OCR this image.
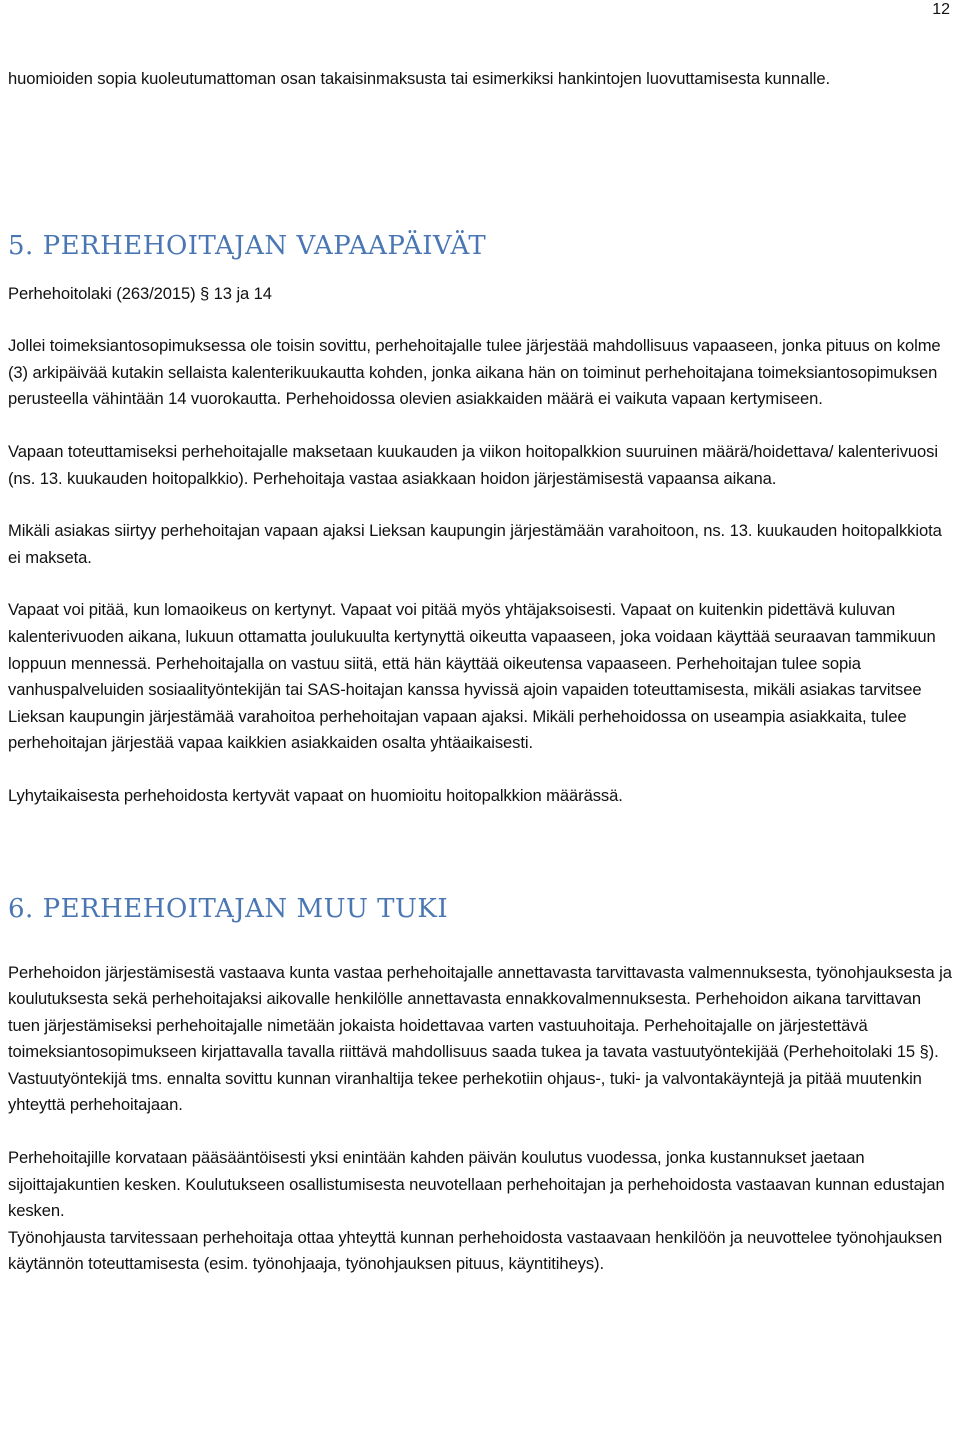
12

huomioiden sopia kuoleutumattoman osan takaisinmaksusta tai esimerkiksi hankintojen luovuttamisesta kunnalle.

5. PERHEHOITAJAN VAPAAPÄIVÄT

Perhehoitolaki (263/2015) § 13 ja 14

Jollei toimeksiantosopimuksessa ole toisin sovittu, perhehoitajalle tulee järjestää mahdollisuus vapaaseen, jonka pituus on kolme (3) arkipäivää kutakin sellaista kalenterikuukautta kohden, jonka aikana hän on toiminut perhehoitajana toimeksiantosopimuksen perusteella vähintään 14 vuorokautta. Perhehoidossa olevien asiakkaiden määrä ei vaikuta vapaan kertymiseen.

Vapaan toteuttamiseksi perhehoitajalle maksetaan kuukauden ja viikon hoitopalkkion suuruinen määrä/hoidettava/ kalenterivuosi (ns. 13. kuukauden hoitopalkkio). Perhehoitaja vastaa asiakkaan hoidon järjestämisestä vapaansa aikana.

Mikäli asiakas siirtyy perhehoitajan vapaan ajaksi Lieksan kaupungin järjestämään varahoitoon, ns. 13. kuukauden hoitopalkkiota ei makseta.

Vapaat voi pitää, kun lomaoikeus on kertynyt. Vapaat voi pitää myös yhtäjaksoisesti. Vapaat on kuitenkin pidettävä kuluvan kalenterivuoden aikana, lukuun ottamatta joulukuulta kertynyttä oikeutta vapaaseen, joka voidaan käyttää seuraavan tammikuun loppuun mennessä. Perhehoitajalla on vastuu siitä, että hän käyttää oikeutensa vapaaseen. Perhehoitajan tulee sopia vanhuspalveluiden sosiaalityöntekijän tai SAS-hoitajan kanssa hyvissä ajoin vapaiden toteuttamisesta, mikäli asiakas tarvitsee Lieksan kaupungin järjestämää varahoitoa perhehoitajan vapaan ajaksi. Mikäli perhehoidossa on useampia asiakkaita, tulee perhehoitajan järjestää vapaa kaikkien asiakkaiden osalta yhtäaikaisesti.

Lyhytaikaisesta perhehoidosta kertyvät vapaat on huomioitu hoitopalkkion määrässä.

6. PERHEHOITAJAN MUU TUKI

Perhehoidon järjestämisestä vastaava kunta vastaa perhehoitajalle annettavasta tarvittavasta valmennuksesta, työnohjauksesta ja koulutuksesta sekä perhehoitajaksi aikovalle henkilölle annettavasta ennakkovalmennuksesta. Perhehoidon aikana tarvittavan tuen järjestämiseksi perhehoitajalle nimetään jokaista hoidettavaa varten vastuuhoitaja. Perhehoitajalle on järjestettävä toimeksiantosopimukseen kirjattavalla tavalla riittävä mahdollisuus saada tukea ja tavata vastuutyöntekijää (Perhehoitolaki 15 §). Vastuutyöntekijä tms. ennalta sovittu kunnan viranhaltija tekee perhekotiin ohjaus-, tuki- ja valvontakäyntejä ja pitää muutenkin yhteyttä perhehoitajaan.

Perhehoitajille korvataan pääsääntöisesti yksi enintään kahden päivän koulutus vuodessa, jonka kustannukset jaetaan sijoittajakuntien kesken. Koulutukseen osallistumisesta neuvotellaan perhehoitajan ja perhehoidosta vastaavan kunnan edustajan kesken.

Työnohjausta tarvitessaan perhehoitaja ottaa yhteyttä kunnan perhehoidosta vastaavaan henkilöön ja neuvottelee työnohjauksen käytännön toteuttamisesta (esim. työnohjaaja, työnohjauksen pituus, käyntitiheys).
